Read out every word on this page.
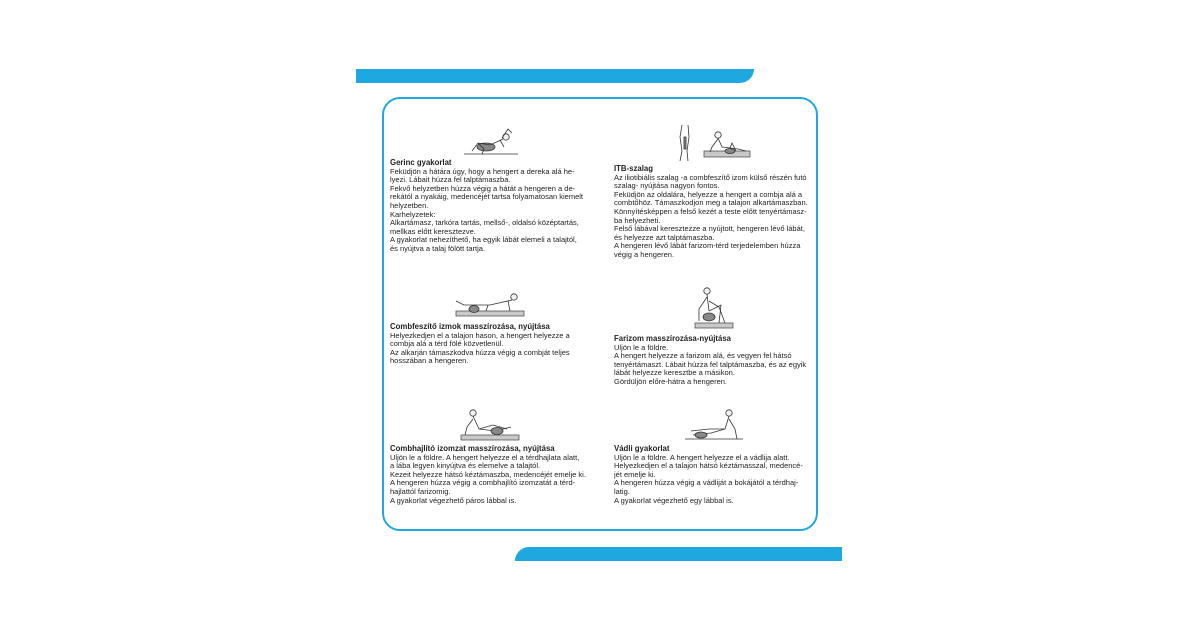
Gerinc gyakorlat
Feküdjön a hátára úgy, hogy a hengert a dereka alá he-
lyezi. Lábait húzza fel talptámaszba.
Fekvő helyzetben húzza végig a hátát a hengeren a de-
rekától a nyakáig, medencéjét tartsa folyamatosan kiemelt
helyzetben.
Karhelyzetek:
Alkartámasz, tarkóra tartás, mellső-, oldalsó középtartás,
mellkas előtt keresztezve.
A gyakorlat nehezíthető, ha egyik lábát elemeli a talajtól,
és nyújtva a talaj fölött tartja.
ITB-szalag
Az iliotibiális szalag -a combfeszítő izom külső részén futó
szalag- nyújtása nagyon fontos.
Feküdjön az oldalára, helyezze a hengert a combja alá a
combtőhöz. Támaszkodjon meg a talajon alkartámaszban.
Könnyítésképpen a felső kezét a teste előtt tenyértámasz-
ba helyezheti.
Felső lábával keresztezze a nyújtott, hengeren lévő lábát,
és helyezze azt talptámaszba.
A hengeren lévő lábát farizom-térd terjedelemben húzza
végig a hengeren.
Combfeszítő izmok masszírozása, nyújtása
Helyezkedjen el a talajon hason, a hengert helyezze a
combja alá a térd fölé közvetlenül.
Az alkarján támaszkodva húzza végig a combját teljes
hosszában a hengeren.
Farizom masszírozása-nyújtása
Üljön le a földre.
A hengert helyezze a farizom alá, és vegyen fel hátsó
tenyértámaszt. Lábait húzza fel talptámaszba, és az egyik
lábát helyezze keresztbe a másikon.
Gördüljön előre-hátra a hengeren.
Combhajlító izomzat masszírozása, nyújtása
Üljön le a földre. A hengert helyezze el a térdhajlata alatt,
a lába legyen kinyújtva és elemelve a talajtól.
Kezeit helyezze hátsó kéztámaszba, medencéjét emelje ki.
A hengeren húzza végig a combhajlító izomzatát a térd-
hajlattól farizomig.
A gyakorlat végezhető páros lábbal is.
Vádli gyakorlat
Üljön le a földre. A hengert helyezze el a vádlija alatt.
Helyezkedjen el a talajon hátsó kéztámasszal, medencé-
jét emelje ki.
A hengeren húzza végig a vádliját a bokájától a térdhaj-
latig.
A gyakorlat végezhető egy lábbal is.
